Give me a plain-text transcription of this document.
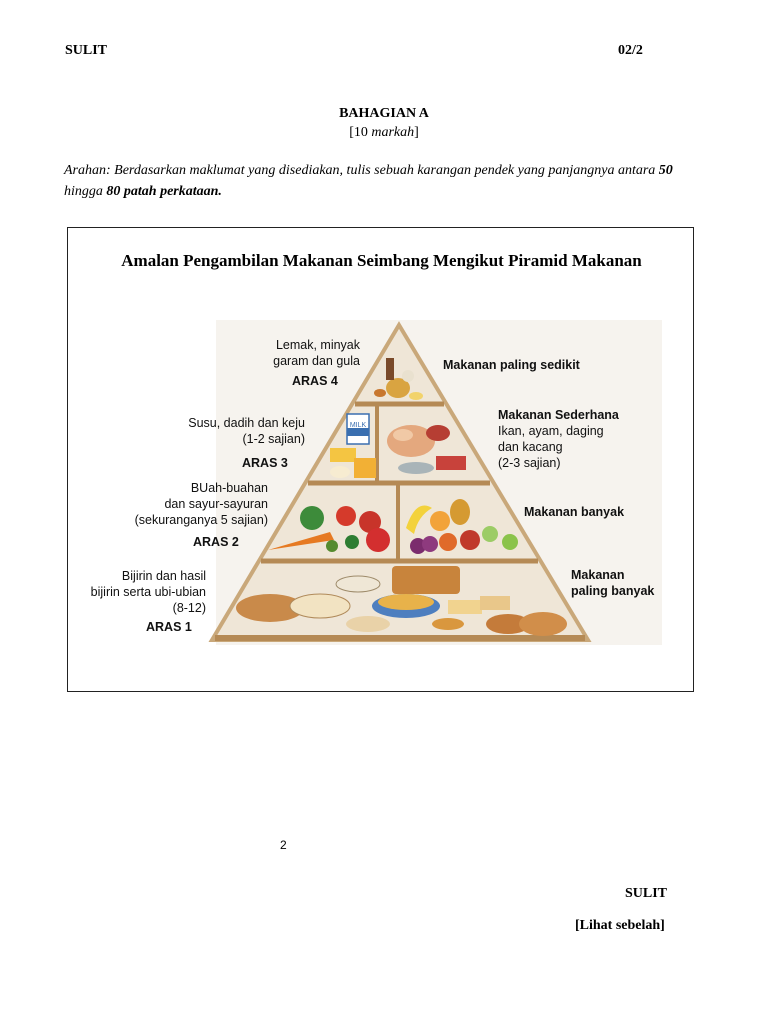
SULIT	02/2
BAHAGIAN A
[10 markah]
Arahan: Berdasarkan maklumat yang disediakan, tulis sebuah karangan pendek yang panjangnya antara 50 hingga 80 patah perkataan.
Amalan Pengambilan Makanan Seimbang Mengikut Piramid Makanan
MILK
Lemak, minyak
garam dan gula
ARAS 4
Makanan paling sedikit
Susu, dadih dan keju
(1-2 sajian)
ARAS 3
Makanan Sederhana
Ikan, ayam, daging
dan kacang
(2-3 sajian)
BUah-buahan
dan sayur-sayuran
(sekuranganya 5 sajian)
ARAS 2
Makanan banyak
Bijirin dan hasil
bijirin serta ubi-ubian
(8-12)
ARAS 1
Makanan
paling banyak
2
SULIT
[Lihat sebelah]
